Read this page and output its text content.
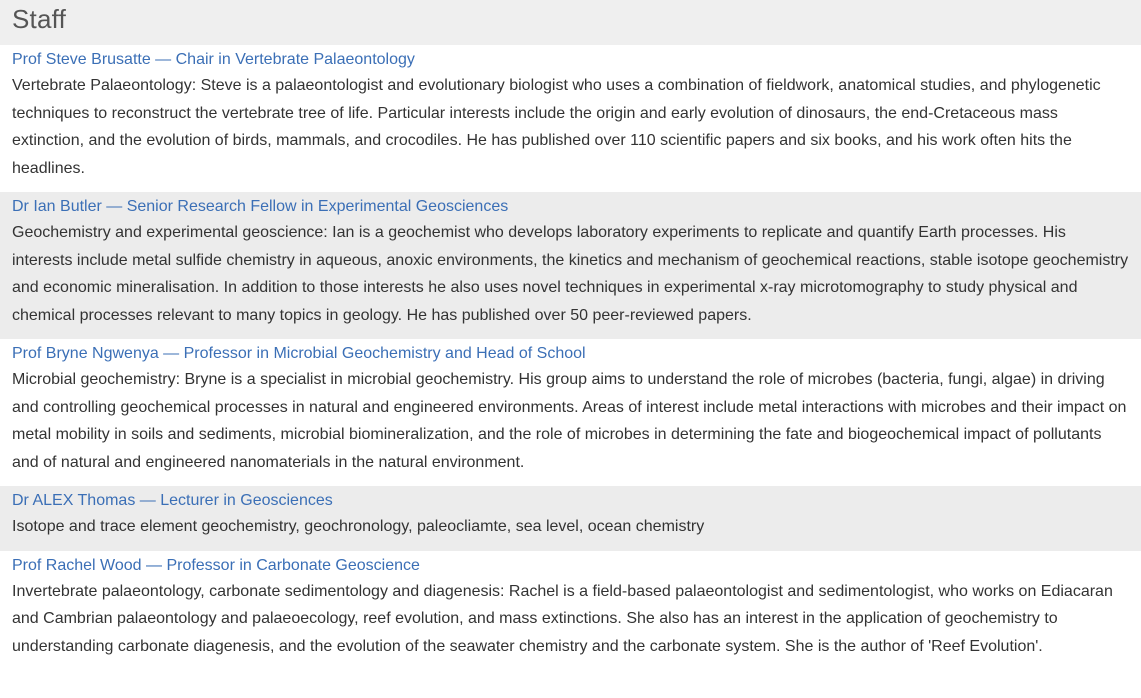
Staff
Prof Steve Brusatte — Chair in Vertebrate Palaeontology

Vertebrate Palaeontology: Steve is a palaeontologist and evolutionary biologist who uses a combination of fieldwork, anatomical studies, and phylogenetic techniques to reconstruct the vertebrate tree of life. Particular interests include the origin and early evolution of dinosaurs, the end-Cretaceous mass extinction, and the evolution of birds, mammals, and crocodiles. He has published over 110 scientific papers and six books, and his work often hits the headlines.

Dr Ian Butler — Senior Research Fellow in Experimental Geosciences

Geochemistry and experimental geoscience: Ian is a geochemist who develops laboratory experiments to replicate and quantify Earth processes. His interests include metal sulfide chemistry in aqueous, anoxic environments, the kinetics and mechanism of geochemical reactions, stable isotope geochemistry and economic mineralisation. In addition to those interests he also uses novel techniques in experimental x-ray microtomography to study physical and chemical processes relevant to many topics in geology. He has published over 50 peer-reviewed papers.

Prof Bryne Ngwenya — Professor in Microbial Geochemistry and Head of School

Microbial geochemistry: Bryne is a specialist in microbial geochemistry. His group aims to understand the role of microbes (bacteria, fungi, algae) in driving and controlling geochemical processes in natural and engineered environments. Areas of interest include metal interactions with microbes and their impact on metal mobility in soils and sediments, microbial biomineralization, and the role of microbes in determining the fate and biogeochemical impact of pollutants and of natural and engineered nanomaterials in the natural environment.

Dr ALEX Thomas — Lecturer in Geosciences

Isotope and trace element geochemistry, geochronology, paleocliamte, sea level, ocean chemistry

Prof Rachel Wood — Professor in Carbonate Geoscience

Invertebrate palaeontology, carbonate sedimentology and diagenesis: Rachel is a field-based palaeontologist and sedimentologist, who works on Ediacaran and Cambrian palaeontology and palaeoecology, reef evolution, and mass extinctions. She also has an interest in the application of geochemistry to understanding carbonate diagenesis, and the evolution of the seawater chemistry and the carbonate system. She is the author of 'Reef Evolution'.
